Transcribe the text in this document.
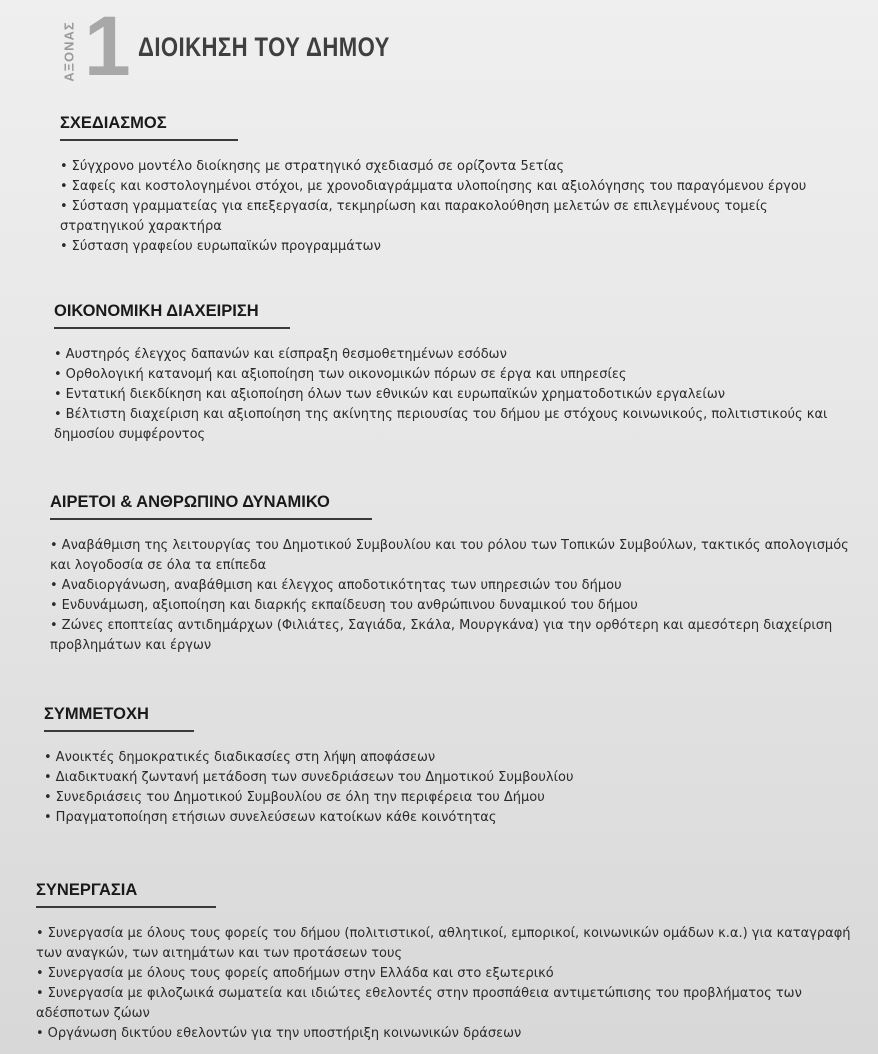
ΑΞΟΝΑΣ 1 ΔΙΟΙΚΗΣΗ ΤΟΥ ΔΗΜΟΥ
ΣΧΕΔΙΑΣΜΟΣ
• Σύγχρονο μοντέλο διοίκησης με στρατηγικό σχεδιασμό σε ορίζοντα 5ετίας
• Σαφείς και κοστολογημένοι στόχοι, με χρονοδιαγράμματα υλοποίησης και αξιολόγησης του παραγόμενου έργου
• Σύσταση γραμματείας για επεξεργασία, τεκμηρίωση και παρακολούθηση μελετών σε επιλεγμένους τομείς στρατηγικού χαρακτήρα
• Σύσταση γραφείου ευρωπαϊκών προγραμμάτων
ΟΙΚΟΝΟΜΙΚΗ ΔΙΑΧΕΙΡΙΣΗ
• Αυστηρός έλεγχος δαπανών και είσπραξη θεσμοθετημένων εσόδων
• Ορθολογική κατανομή και αξιοποίηση των οικονομικών πόρων σε έργα και υπηρεσίες
• Εντατική διεκδίκηση και αξιοποίηση όλων των εθνικών και ευρωπαϊκών χρηματοδοτικών εργαλείων
• Βέλτιστη διαχείριση και αξιοποίηση της ακίνητης περιουσίας του δήμου με στόχους κοινωνικούς, πολιτιστικούς και δημοσίου συμφέροντος
ΑΙΡΕΤΟΙ & ΑΝΘΡΩΠΙΝΟ ΔΥΝΑΜΙΚΟ
• Αναβάθμιση της λειτουργίας του Δημοτικού Συμβουλίου και του ρόλου των Τοπικών Συμβούλων, τακτικός απολογισμός και λογοδοσία σε όλα τα επίπεδα
• Αναδιοργάνωση, αναβάθμιση και έλεγχος αποδοτικότητας των υπηρεσιών του δήμου
• Ενδυνάμωση, αξιοποίηση και διαρκής εκπαίδευση του ανθρώπινου δυναμικού του δήμου
• Ζώνες εποπτείας αντιδημάρχων (Φιλιάτες, Σαγιάδα, Σκάλα, Μουργκάνα) για την ορθότερη και αμεσότερη διαχείριση προβλημάτων και έργων
ΣΥΜΜΕΤΟΧΗ
• Ανοικτές δημοκρατικές διαδικασίες στη λήψη αποφάσεων
• Διαδικτυακή ζωντανή μετάδοση των συνεδριάσεων του Δημοτικού Συμβουλίου
• Συνεδριάσεις του Δημοτικού Συμβουλίου σε όλη την περιφέρεια του Δήμου
• Πραγματοποίηση ετήσιων συνελεύσεων κατοίκων κάθε κοινότητας
ΣΥΝΕΡΓΑΣΙΑ
• Συνεργασία με όλους τους φορείς του δήμου (πολιτιστικοί, αθλητικοί, εμπορικοί, κοινωνικών ομάδων κ.α.) για καταγραφή των αναγκών, των αιτημάτων και των προτάσεων τους
• Συνεργασία με όλους τους φορείς αποδήμων στην Ελλάδα και στο εξωτερικό
• Συνεργασία με φιλοζωικά σωματεία και ιδιώτες εθελοντές στην προσπάθεια αντιμετώπισης του προβλήματος των αδέσποτων ζώων
• Οργάνωση δικτύου εθελοντών για την υποστήριξη κοινωνικών δράσεων
